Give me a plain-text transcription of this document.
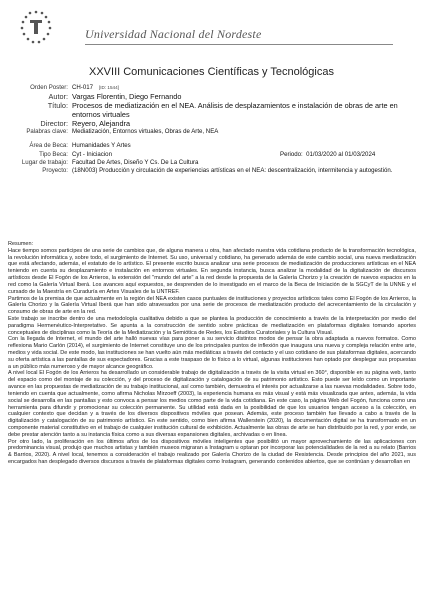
Universidad Nacional del Nordeste
XXVIII Comunicaciones Científicas y Tecnológicas
Orden Poster: CH-017 [ID: 1544]
Autor: Vargas Florentin, Diego Fernando
Título: Procesos de mediatización en el NEA. Análisis de desplazamientos e instalación de obras de arte en entornos virtuales
Director: Reyero, Alejandra
Palabras clave: Mediatización, Entornos virtuales, Obras de Arte, NEA
Área de Beca: Humanidades Y Artes
Tipo Beca: Cyt - Iniciacion	Periodo: 01/03/2020 al 01/03/2024
Lugar de trabajo: Facultad De Artes, Diseño Y Cs. De La Cultura
Proyecto: (18N003) Producción y circulación de experiencias artísticas en el NEA: descentralización, intermitencia y autogestión.

Resumen:

Hace tiempo somos participes de una serie de cambios que, de alguna manera u otra, han afectado nuestra vida cotidiana producto de la transformación tecnológica, la revolución informática y, sobre todo, el surgimiento de Internet. Su uso, universal y cotidiano, ha generado además de este cambio social, una nueva mediatización que está afectando, además, el estatuto de lo artístico. El presente escrito busca analizar una serie procesos de mediatización de producciones artísticas en el NEA teniendo en cuenta su desplazamiento e instalación en entornos virtuales. En segunda instancia, busca analizar la modalidad de la digitalización de discursos artísticos desde El Fogón de los Arrieros, la extensión del "mundo del arte" a la red desde la propuesta de la Galería Chorizo y la creación de nuevos espacios en la red como la Galería Virtual Iberá. Los avances aquí expuestos, se desprenden de lo investigado en el marco de la Beca de Iniciación de la SGCyT de la UNNE y el cursado de la Maestría en Curaduría en Artes Visuales de la UNTREF.

Partimos de la premisa de que actualmente en la región del NEA existen casos puntuales de instituciones y proyectos artísticos tales como El Fogón de los Arrieros, la Galería Chorizo y la Galería Virtual Iberá que han sido atravesados por una serie de procesos de mediatización producto del acrecentamiento de la circulación y consumo de obras de arte en la red.

Este trabajo se inscribe dentro de una metodología cualitativa debido a que se plantea la producción de conocimiento a través de la interpretación por medio del paradigma Hermenéutico-Interpretativo. Se apunta a la construcción de sentido sobre prácticas de mediatización en plataformas digitales tomando aportes conceptuales de disciplinas como la Teoría de la Mediatización y la Semiótica de Redes, los Estudios Curatoriales y la Cultura Visual.

Con la llegada de Internet, el mundo del arte halló nuevas vías para poner a su servicio distintos modos de pensar la obra adaptada a nuevos formatos. Como reflexiona Mario Carlón (2014), el surgimiento de Internet constituye uno de los principales puntos de inflexión que inaugura una nueva y compleja relación entre arte, medios y vida social. De este modo, las instituciones se han vuelto aún más mediáticas a través del contacto y el uso cotidiano de sus plataformas digitales, acercando su oferta artística a las pantallas de sus espectadores. Gracias a este traspaso de lo físico a lo virtual, algunas instituciones han optado por desplegar sus propuestas a un público más numeroso y de mayor alcance geográfico.

A nivel local El Fogón de los Arrieros ha desarrollado un considerable trabajo de digitalización a través de la visita virtual en 360°, disponible en su página web, tanto del espacio como del montaje de su colección, y del proceso de digitalización y catalogación de su patrimonio artístico. Esto puede ser leído como un importante avance en las propuestas de mediatización de su trabajo institucional, así como también, demuestra el interés por actualizarse a las nuevas modalidades. Sobre todo, teniendo en cuenta que actualmente, como afirma Nicholas Mirzoeff (2003), la experiencia humana es más visual y está más visualizada que antes, además, la vida social se desarrolla en las pantallas y esto convoca a pensar los medios como parte de la vida cotidiana. En este caso, la página Web del Fogón, funciona como una herramienta para difundir y promocionar su colección permanente. Su utilidad está dada en la posibilidad de que los usuarios tengan acceso a la colección, en cualquier contexto que decidan y a través de los diversos dispositivos móviles que posean. Además, este proceso también fue llevado a cabo a través de la digitalización y catalogación de su patrimonio artístico. En este sentido, como bien afirma Wallerstein (2020), la documentación digital se ha transformado en un componente material constitutivo en el trabajo de cualquier institución cultural de exhibición. Actualmente las obras de arte se han distribuido por la red, y por ende, se debe prestar atención tanto a su instancia física como a sus diversas expansiones digitales, archivadas o en línea.

Por otro lado, la proliferación en los últimos años de los dispositivos móviles inteligentes que posibilitó un mayor aprovechamiento de las aplicaciones con predominancia visual, produjo que muchos artistas y también museos migraran a Instagram u optaran por incorporar las potencialidades de la red a su relato (Barrios & Barrios, 2020). A nivel local, tenemos a consideración el trabajo realizado por Galería Chorizo de la ciudad de Resistencia. Desde principios del año 2021, sus encargados han desplegado diversos discursos a través de plataformas digitales como Instagram, generando contenidos abiertos, que se continúan y desarrollan en
